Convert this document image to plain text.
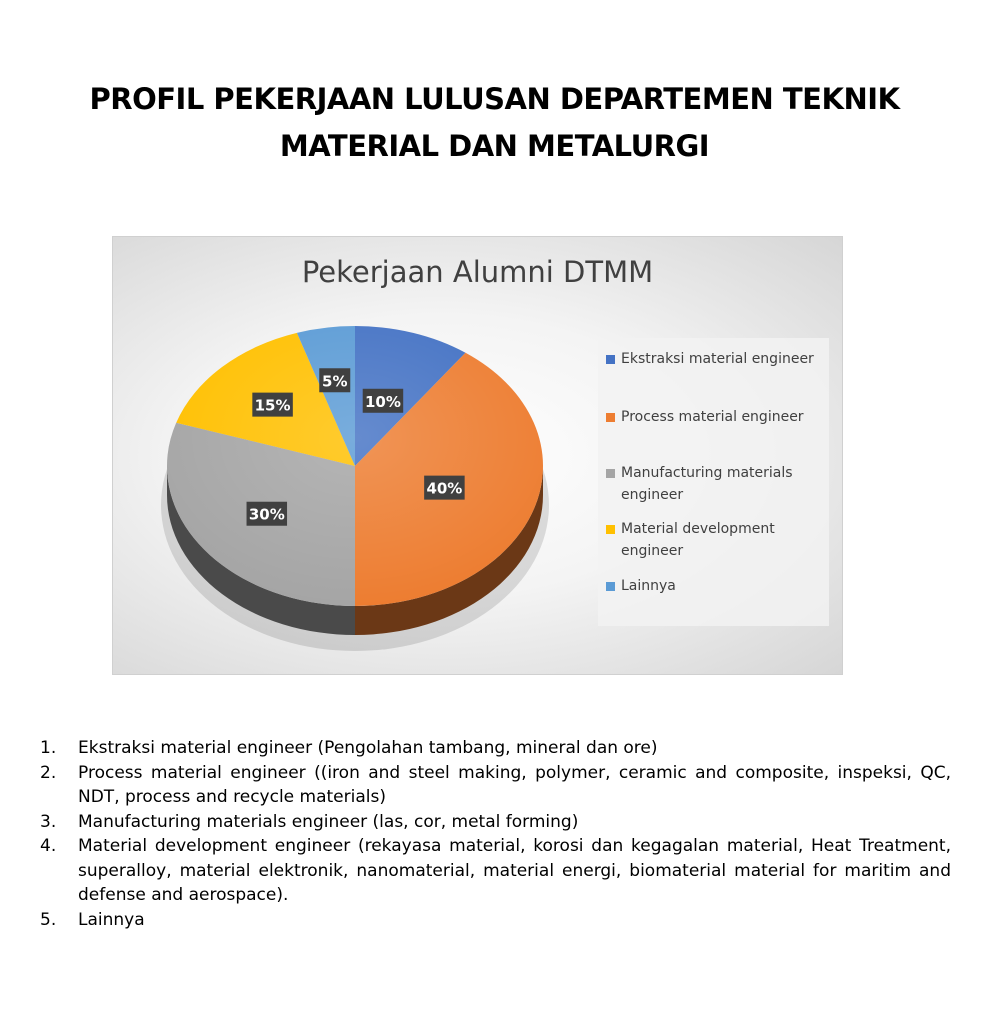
PROFIL PEKERJAAN LULUSAN DEPARTEMEN TEKNIK
MATERIAL DAN METALURGI
10%
40%
30%
15%
5%
Pekerjaan Alumni DTMM
Ekstraksi material engineer
Process material engineer
Manufacturing materials
engineer
Material development
engineer
Lainnya
1. Ekstraksi material engineer (Pengolahan tambang, mineral dan ore)
2. Process material engineer ((iron and steel making, polymer, ceramic and composite, inspeksi, QC, NDT, process and recycle materials)
3. Manufacturing materials engineer (las, cor, metal forming)
4. Material development engineer (rekayasa material, korosi dan kegagalan material, Heat Treatment, superalloy, material elektronik, nanomaterial, material energi, biomaterial material for maritim and defense and aerospace).
5. Lainnya
